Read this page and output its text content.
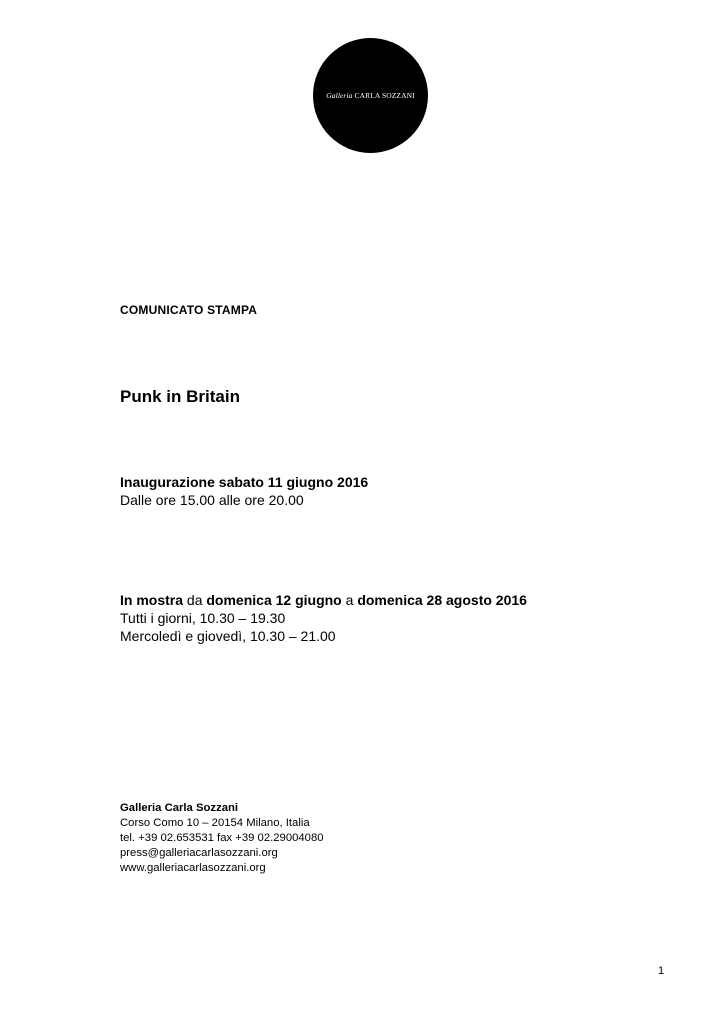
Galleria CARLA SOZZANI
COMUNICATO STAMPA
Punk in Britain
Inaugurazione sabato 11 giugno 2016
Dalle ore 15.00 alle ore 20.00
In mostra da domenica 12 giugno a domenica 28 agosto 2016
Tutti i giorni, 10.30 – 19.30
Mercoledì e giovedì, 10.30 – 21.00
Galleria Carla Sozzani
Corso Como 10 – 20154 Milano, Italia
tel. +39 02.653531 fax +39 02.29004080
press@galleriacarlasozzani.org
www.galleriacarlasozzani.org
1
